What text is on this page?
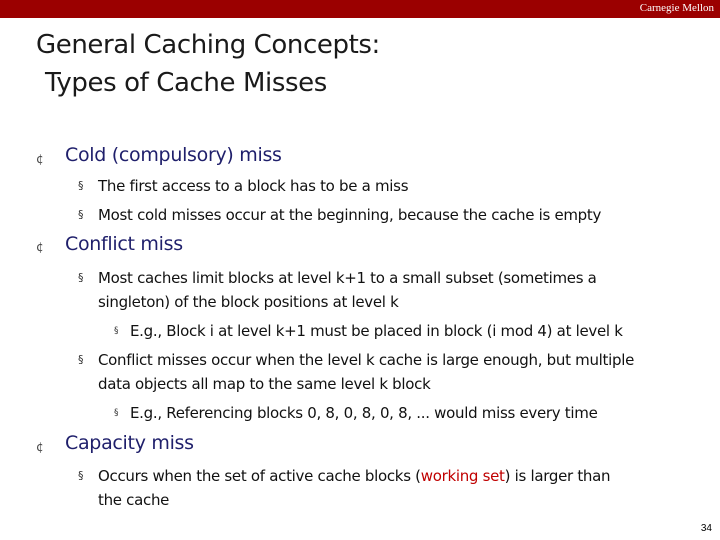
Carnegie Mellon
General Caching Concepts:
Types of Cache Misses
¢ Cold (compulsory) miss
§ The first access to a block has to be a miss
§ Most cold misses occur at the beginning, because the cache is empty
¢ Conflict miss
§ Most caches limit blocks at level k+1 to a small subset (sometimes a
singleton) of the block positions at level k
§ E.g., Block i at level k+1 must be placed in block (i mod 4) at level k
§ Conflict misses occur when the level k cache is large enough, but multiple
data objects all map to the same level k block
§ E.g., Referencing blocks 0, 8, 0, 8, 0, 8, ... would miss every time
¢ Capacity miss
§ Occurs when the set of active cache blocks (working set) is larger than
the cache
34
